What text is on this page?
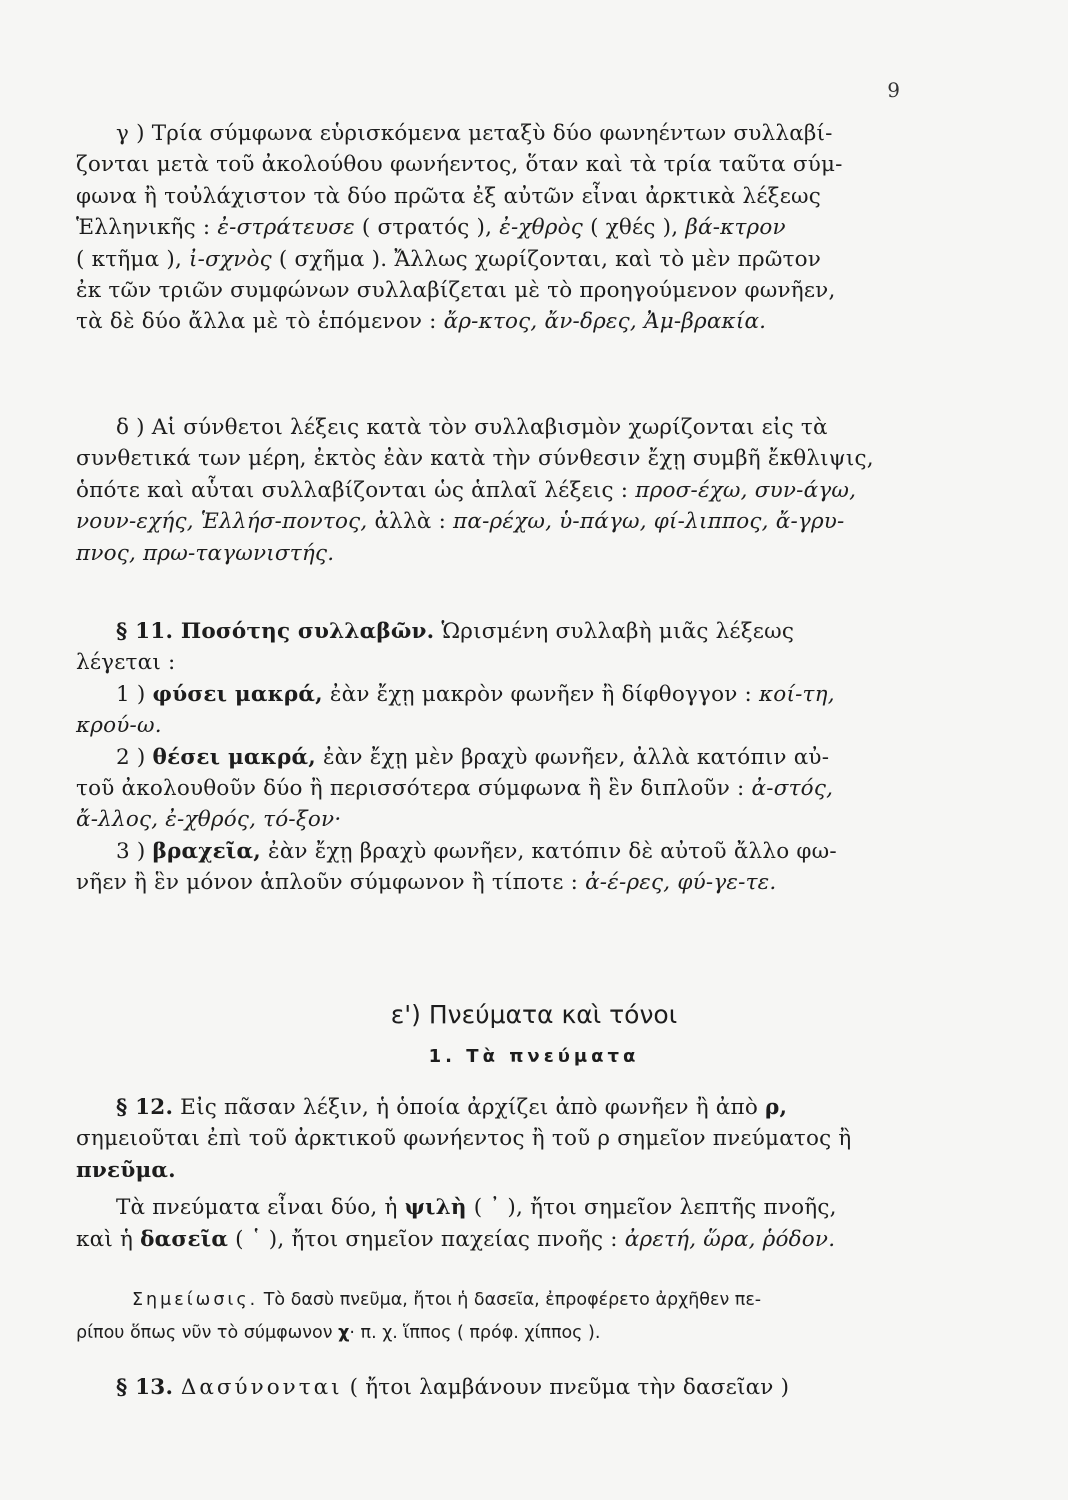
9
γ ) Τρία σύμφωνα εὑρισκόμενα μεταξὺ δύο φωνηέντων συλλαβί-
ζονται μετὰ τοῦ ἀκολούθου φωνήεντος, ὅταν καὶ τὰ τρία ταῦτα σύμ-
φωνα ἢ τοὐλάχιστον τὰ δύο πρῶτα ἐξ αὐτῶν εἶναι ἀρκτικὰ λέξεως
Ἑλληνικῆς : ἐ-στράτευσε ( στρατός ), ἐ-χθρὸς ( χθές ), βά-κτρον
( κτῆμα ), ἰ-σχνὸς ( σχῆμα ). Ἄλλως χωρίζονται, καὶ τὸ μὲν πρῶτον
ἐκ τῶν τριῶν συμφώνων συλλαβίζεται μὲ τὸ προηγούμενον φωνῆεν,
τὰ δὲ δύο ἄλλα μὲ τὸ ἑπόμενον : ἄρ-κτος, ἄν-δρες, Ἀμ-βρακία.
δ ) Αἱ σύνθετοι λέξεις κατὰ τὸν συλλαβισμὸν χωρίζονται εἰς τὰ
συνθετικά των μέρη, ἐκτὸς ἐὰν κατὰ τὴν σύνθεσιν ἔχῃ συμβῆ ἔκθλιψις,
ὁπότε καὶ αὗται συλλαβίζονται ὡς ἁπλαῖ λέξεις : προσ-έχω, συν-άγω,
νουν-εχής, Ἑλλήσ-ποντος, ἀλλὰ : πα-ρέχω, ὑ-πάγω, φί-λιππος, ἄ-γρυ-
πνος, πρω-ταγωνιστής.
§ 11. Ποσότης συλλαβῶν. Ὡρισμένη συλλαβὴ μιᾶς λέξεως
λέγεται :
1 ) φύσει μακρά, ἐὰν ἔχῃ μακρὸν φωνῆεν ἢ δίφθογγον : κοί-τη,
κρού-ω.
2 ) θέσει μακρά, ἐὰν ἔχῃ μὲν βραχὺ φωνῆεν, ἀλλὰ κατόπιν αὐ-
τοῦ ἀκολουθοῦν δύο ἢ περισσότερα σύμφωνα ἢ ἓν διπλοῦν : ἀ-στός,
ἄ-λλος, ἐ-χθρός, τό-ξον·
3 ) βραχεῖα, ἐὰν ἔχῃ βραχὺ φωνῆεν, κατόπιν δὲ αὐτοῦ ἄλλο φω-
νῆεν ἢ ἓν μόνον ἁπλοῦν σύμφωνον ἢ τίποτε : ἀ-έ-ρες, φύ-γε-τε.
ε') Πνεύματα καὶ τόνοι
1. Τὰ πνεύματα
§ 12. Εἰς πᾶσαν λέξιν, ἡ ὁποία ἀρχίζει ἀπὸ φωνῆεν ἢ ἀπὸ ρ,
σημειοῦται ἐπὶ τοῦ ἀρκτικοῦ φωνήεντος ἢ τοῦ ρ σημεῖον πνεύματος ἢ
πνεῦμα.
Τὰ πνεύματα εἶναι δύο, ἡ ψιλὴ ( ᾿ ), ἤτοι σημεῖον λεπτῆς πνοῆς,
καὶ ἡ δασεῖα ( ῾ ), ἤτοι σημεῖον παχείας πνοῆς : ἀρετή, ὥρα, ῥόδον.
Σημείωσις. Τὸ δασὺ πνεῦμα, ἤτοι ἡ δασεῖα, ἐπροφέρετο ἀρχῆθεν πε-
ρίπου ὅπως νῦν τὸ σύμφωνον χ· π. χ. ἵππος ( πρόφ. χίππος ).
§ 13. Δασύνονται ( ἤτοι λαμβάνουν πνεῦμα τὴν δασεῖαν )
